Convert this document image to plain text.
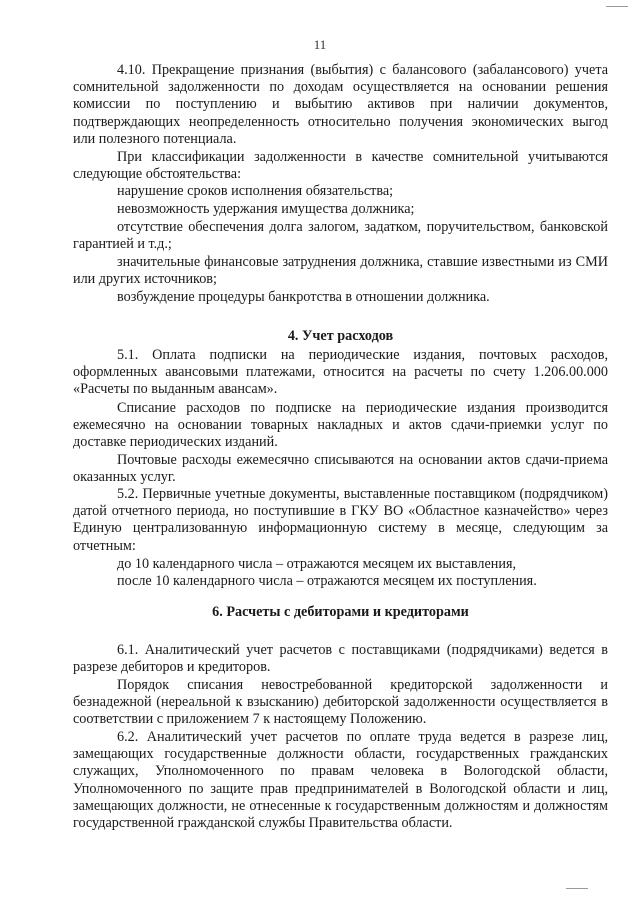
11
4.10. Прекращение признания (выбытия) с балансового (забалансового) учета сомнительной задолженности по доходам осуществляется на основании решения комиссии по поступлению и выбытию активов при наличии документов, подтверждающих неопределенность относительно получения экономических выгод или полезного потенциала.
При классификации задолженности в качестве сомнительной учитываются следующие обстоятельства:
нарушение сроков исполнения обязательства;
невозможность удержания имущества должника;
отсутствие обеспечения долга залогом, задатком, поручительством, банковской гарантией и т.д.;
значительные финансовые затруднения должника, ставшие известными из СМИ или других источников;
возбуждение процедуры банкротства в отношении должника.
4. Учет расходов
5.1. Оплата подписки на периодические издания, почтовых расходов, оформленных авансовыми платежами, относится на расчеты по счету 1.206.00.000 «Расчеты по выданным авансам».
Списание расходов по подписке на периодические издания производится ежемесячно на основании товарных накладных и актов сдачи-приемки услуг по доставке периодических изданий.
Почтовые расходы ежемесячно списываются на основании актов сдачи-приема оказанных услуг.
5.2. Первичные учетные документы, выставленные поставщиком (подрядчиком) датой отчетного периода, но поступившие в ГКУ ВО «Областное казначейство» через Единую централизованную информационную систему в месяце, следующим за отчетным:
до 10 календарного числа – отражаются месяцем их выставления,
после 10 календарного числа – отражаются месяцем их поступления.
6. Расчеты с дебиторами и кредиторами
6.1. Аналитический учет расчетов с поставщиками (подрядчиками) ведется в разрезе дебиторов и кредиторов.
Порядок списания невостребованной кредиторской задолженности и безнадежной (нереальной к взысканию) дебиторской задолженности осуществляется в соответствии с приложением 7 к настоящему Положению.
6.2. Аналитический учет расчетов по оплате труда ведется в разрезе лиц, замещающих государственные должности области, государственных гражданских служащих, Уполномоченного по правам человека в Вологодской области, Уполномоченного по защите прав предпринимателей в Вологодской области и лиц, замещающих должности, не отнесенные к государственным должностям и должностям государственной гражданской службы Правительства области.
